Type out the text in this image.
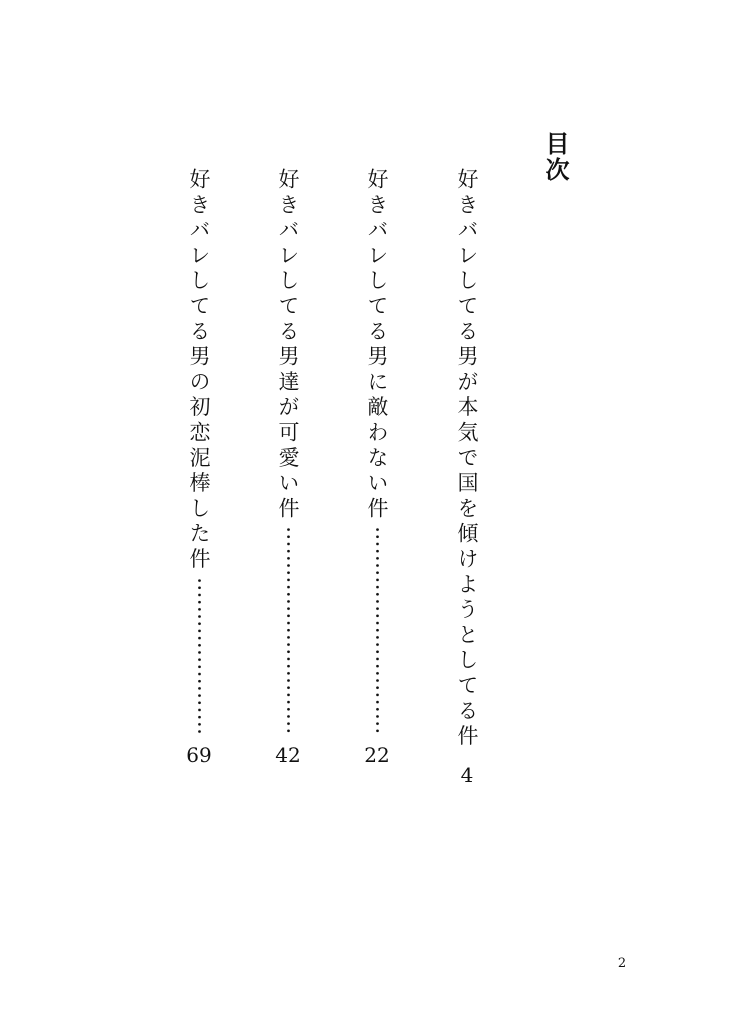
目次
好きバレしてる男が本気で国を傾けようとしてる件
4
好きバレしてる男に敵わない件
22
好きバレしてる男達が可愛い件
42
好きバレしてる男の初恋泥棒した件
69
2
